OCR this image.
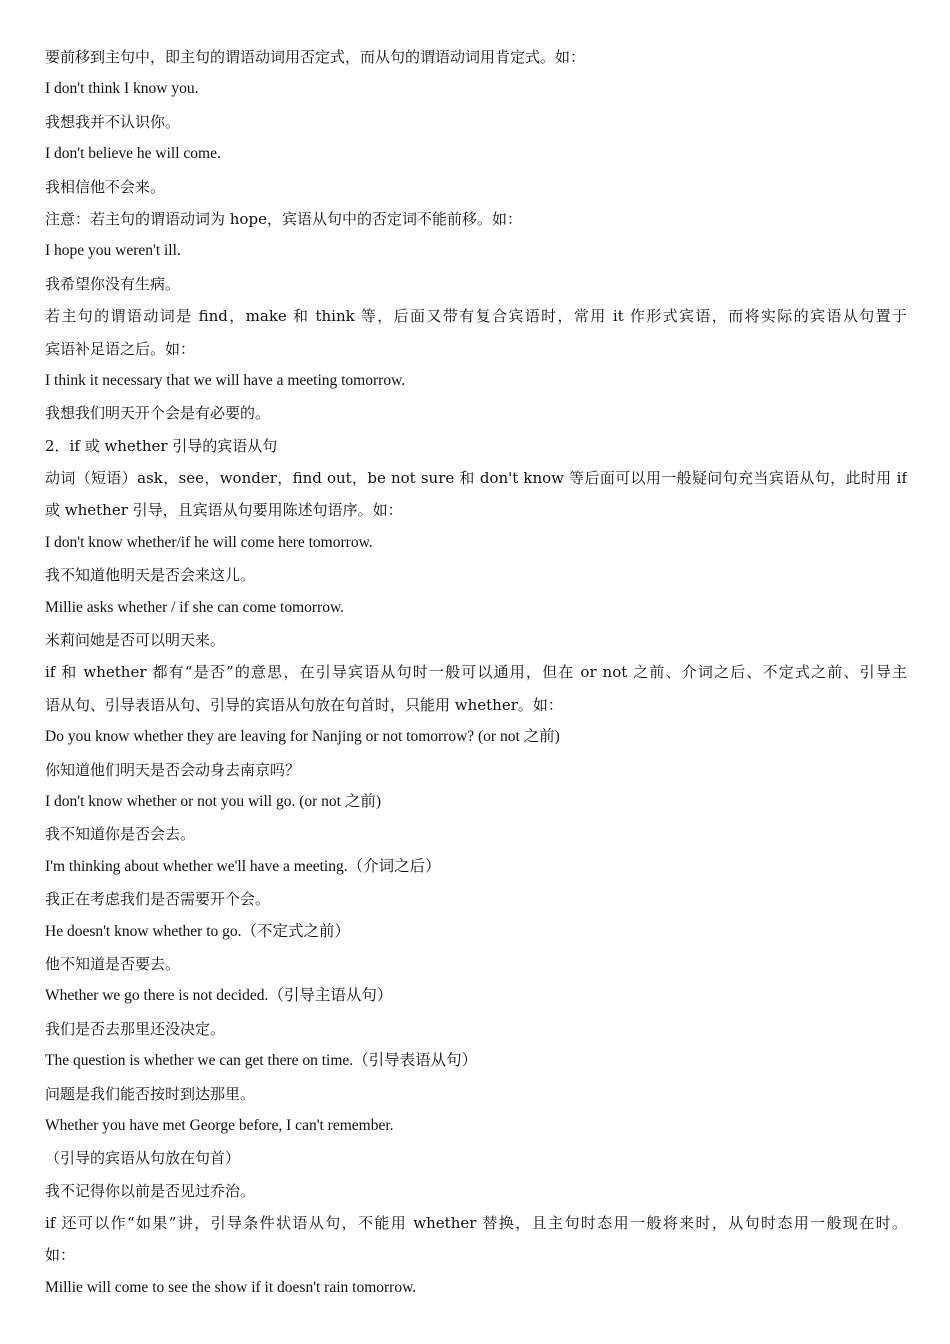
要前移到主句中，即主句的谓语动词用否定式，而从句的谓语动词用肯定式。如：
I don't think I know you.
我想我并不认识你。
I don't believe he will come.
我相信他不会来。
注意：若主句的谓语动词为 hope，宾语从句中的否定词不能前移。如：
I hope you weren't ill.
我希望你没有生病。
若主句的谓语动词是 find，make 和 think 等，后面又带有复合宾语时，常用 it 作形式宾语，而将实际的宾语从句置于
宾语补足语之后。如：
I think it necessary that we will have a meeting tomorrow.
我想我们明天开个会是有必要的。
2．if 或 whether 引导的宾语从句
动词（短语）ask，see，wonder，find out，be not sure 和 don't know 等后面可以用一般疑问句充当宾语从句，此时用 if
或 whether 引导，且宾语从句要用陈述句语序。如：
I don't know whether/if he will come here tomorrow.
我不知道他明天是否会来这儿。
Millie asks whether / if she can come tomorrow.
米莉问她是否可以明天来。
if 和 whether 都有“是否”的意思，在引导宾语从句时一般可以通用，但在 or not 之前、介词之后、不定式之前、引导主
语从句、引导表语从句、引导的宾语从句放在句首时，只能用 whether。如：
Do you know whether they are leaving for Nanjing or not tomorrow? (or not 之前)
你知道他们明天是否会动身去南京吗？
I don't know whether or not you will go. (or not 之前)
我不知道你是否会去。
I'm thinking about whether we'll have a meeting.（介词之后）
我正在考虑我们是否需要开个会。
He doesn't know whether to go.（不定式之前）
他不知道是否要去。
Whether we go there is not decided.（引导主语从句）
我们是否去那里还没决定。
The question is whether we can get there on time.（引导表语从句）
问题是我们能否按时到达那里。
Whether you have met George before, I can't remember.
（引导的宾语从句放在句首）
我不记得你以前是否见过乔治。
if 还可以作“如果”讲，引导条件状语从句，不能用 whether 替换，且主句时态用一般将来时，从句时态用一般现在时。
如：
Millie will come to see the show if it doesn't rain tomorrow.
